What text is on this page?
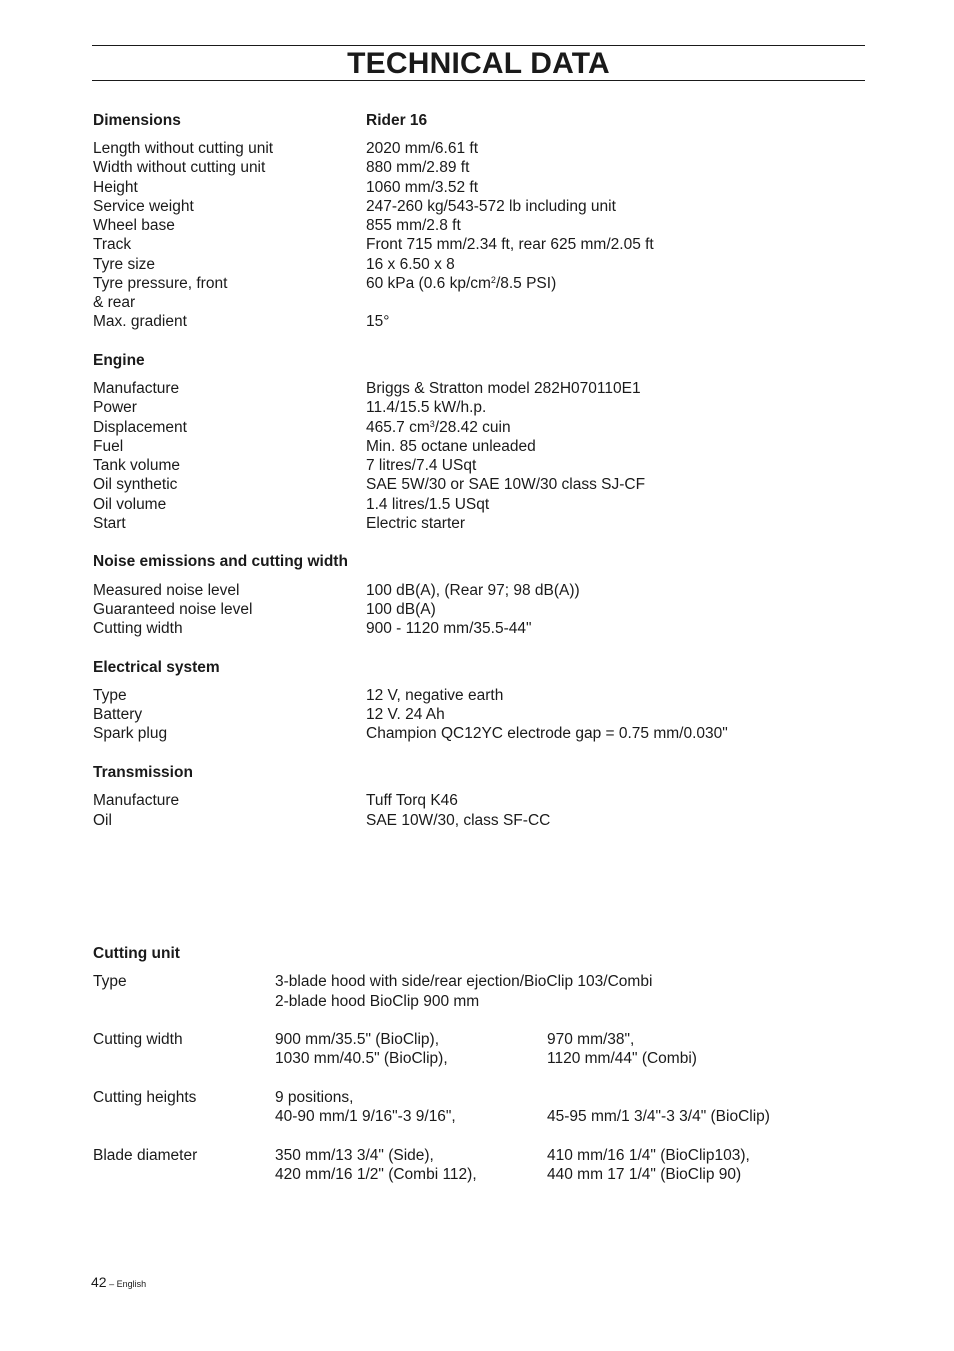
TECHNICAL DATA
Dimensions	Rider 16
Length without cutting unit	2020 mm/6.61 ft
Width without cutting unit	880 mm/2.89 ft
Height	1060 mm/3.52 ft
Service weight	247-260 kg/543-572 lb including unit
Wheel base	855 mm/2.8 ft
Track	Front 715 mm/2.34 ft, rear 625 mm/2.05 ft
Tyre size	16 x 6.50 x 8
Tyre pressure, front	60 kPa (0.6 $kp/cm^2/8.5$ PSI)
& rear
Max. gradient	15°
Engine
Manufacture	Briggs & Stratton model 282H070110E1
Power	11.4/15.5 kW/h.p.
Displacement	465.7 $cm^3/28.42$ cuin
Fuel	Min. 85 octane unleaded
Tank volume	7 litres/7.4 USqt
Oil synthetic	SAE 5W/30 or SAE 10W/30 class SJ-CF
Oil volume	1.4 litres/1.5 USqt
Start	Electric starter
Noise emissions and cutting width
Measured noise level	100 dB(A), (Rear 97; 98 dB(A))
Guaranteed noise level	100 dB(A)
Cutting width	900 - 1120 mm/35.5-44"
Electrical system
Type	12 V, negative earth
Battery	12 V. 24 Ah
Spark plug	Champion QC12YC electrode gap = 0.75 mm/0.030"
Transmission
Manufacture	Tuff Torq K46
Oil	SAE 10W/30, class SF-CC
Cutting unit
Type	3-blade hood with side/rear ejection/BioClip 103/Combi
2-blade hood BioClip 900 mm
Cutting width	900 mm/35.5" (BioClip),	970 mm/38",
1030 mm/40.5" (BioClip),	1120 mm/44" (Combi)
Cutting heights	9 positions,
40-90 mm/1 9/16"-3 9/16",	45-95 mm/1 3/4"-3 3/4" (BioClip)
Blade diameter	350 mm/13 3/4" (Side),	410 mm/16 1/4" (BioClip103),
420 mm/16 1/2" (Combi 112),	440 mm 17 1/4" (BioClip 90)
42 – English
